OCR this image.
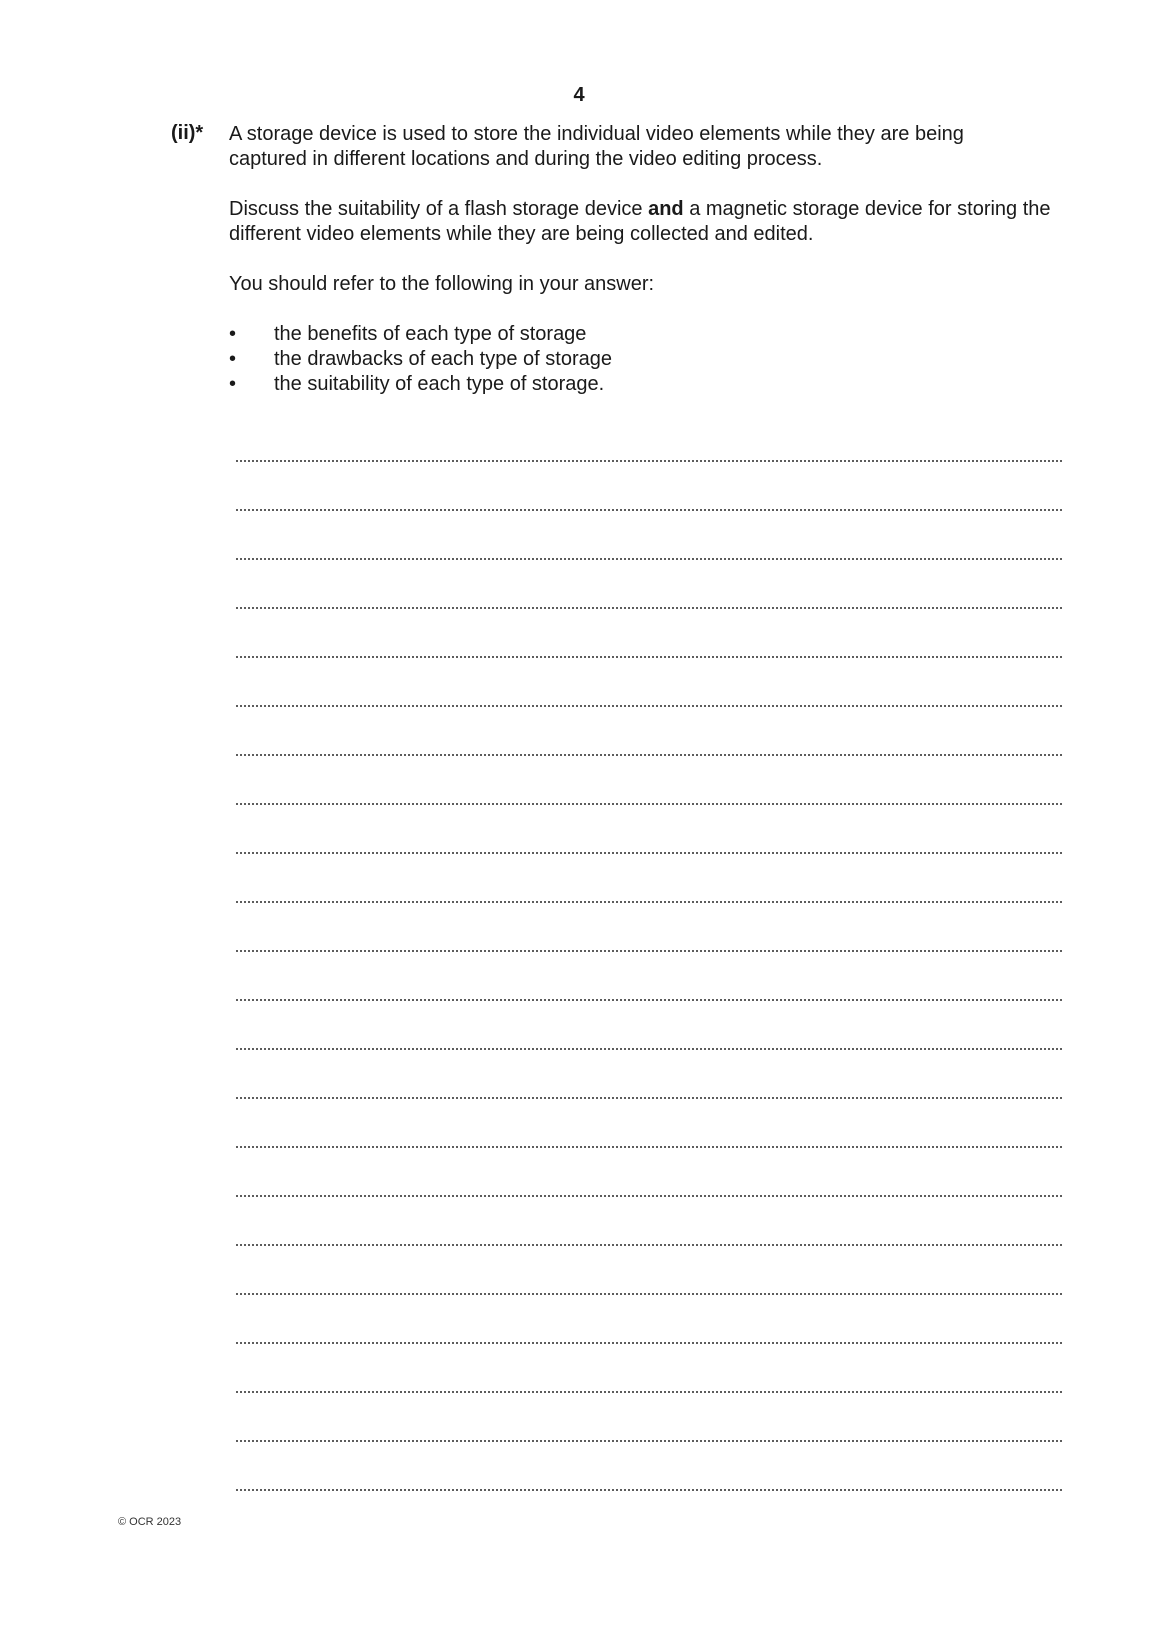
4
(ii)* A storage device is used to store the individual video elements while they are being
captured in different locations and during the video editing process.

Discuss the suitability of a flash storage device and a magnetic storage device for storing the different video elements while they are being collected and edited.

You should refer to the following in your answer:

• the benefits of each type of storage
• the drawbacks of each type of storage
• the suitability of each type of storage.
© OCR 2023
